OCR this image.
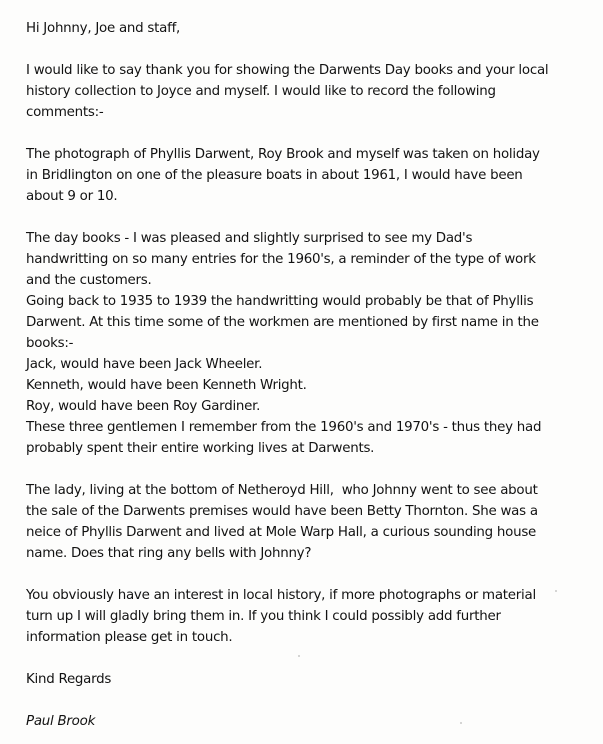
Hi Johnny, Joe and staff,
I would like to say thank you for showing the Darwents Day books and your local
history collection to Joyce and myself. I would like to record the following
comments:-
The photograph of Phyllis Darwent, Roy Brook and myself was taken on holiday
in Bridlington on one of the pleasure boats in about 1961, I would have been
about 9 or 10.
The day books - I was pleased and slightly surprised to see my Dad's
handwritting on so many entries for the 1960's, a reminder of the type of work
and the customers.
Going back to 1935 to 1939 the handwritting would probably be that of Phyllis
Darwent. At this time some of the workmen are mentioned by first name in the
books:-
Jack, would have been Jack Wheeler.
Kenneth, would have been Kenneth Wright.
Roy, would have been Roy Gardiner.
These three gentlemen I remember from the 1960's and 1970's - thus they had
probably spent their entire working lives at Darwents.
The lady, living at the bottom of Netheroyd Hill,  who Johnny went to see about
the sale of the Darwents premises would have been Betty Thornton. She was a
neice of Phyllis Darwent and lived at Mole Warp Hall, a curious sounding house
name. Does that ring any bells with Johnny?
You obviously have an interest in local history, if more photographs or material
turn up I will gladly bring them in. If you think I could possibly add further
information please get in touch.
Kind Regards
Paul Brook
